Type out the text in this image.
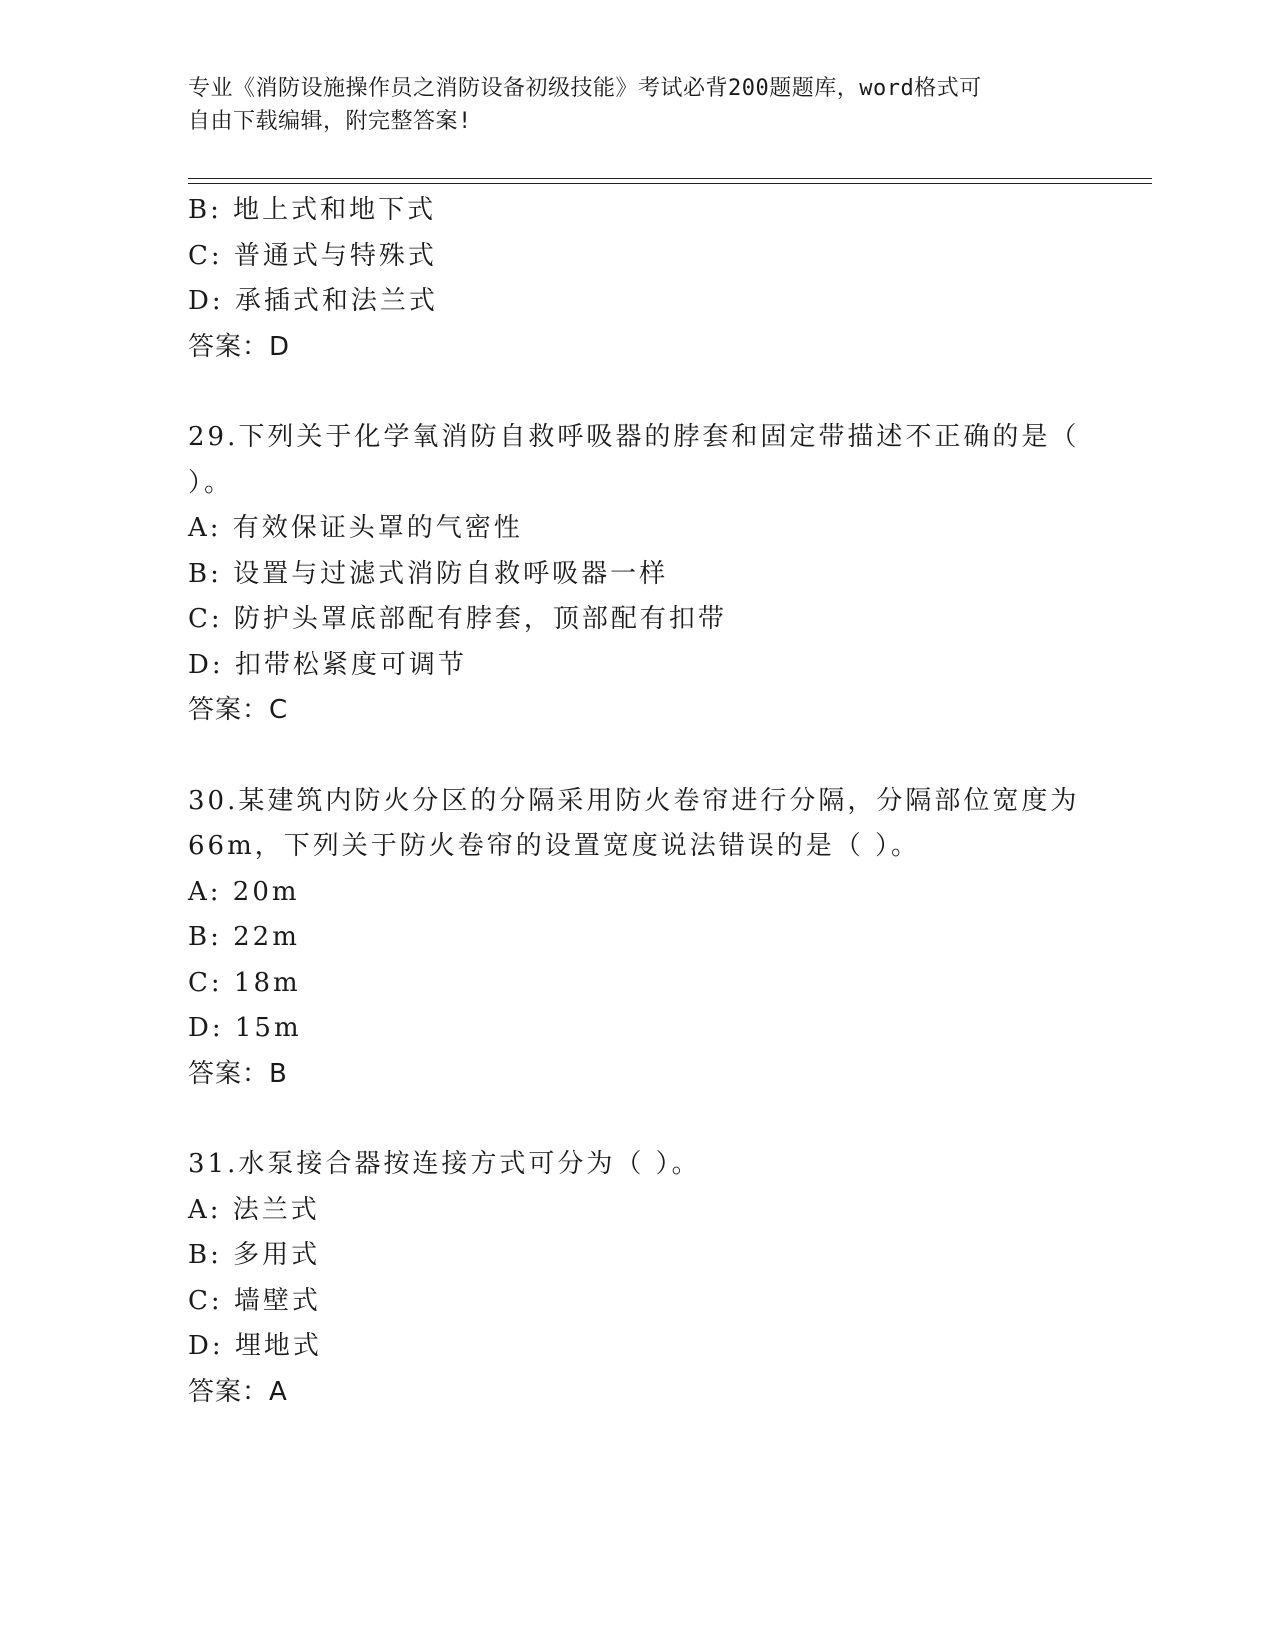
专业《消防设施操作员之消防设备初级技能》考试必背200题题库，word格式可
自由下载编辑，附完整答案!
B: 地上式和地下式
C: 普通式与特殊式
D: 承插式和法兰式
答案：D
29.下列关于化学氧消防自救呼吸器的脖套和固定带描述不正确的是（
）。
A: 有效保证头罩的气密性
B: 设置与过滤式消防自救呼吸器一样
C: 防护头罩底部配有脖套，顶部配有扣带
D: 扣带松紧度可调节
答案：C
30.某建筑内防火分区的分隔采用防火卷帘进行分隔，分隔部位宽度为
66m，下列关于防火卷帘的设置宽度说法错误的是（ ）。
A: 20m
B: 22m
C: 18m
D: 15m
答案：B
31.水泵接合器按连接方式可分为（ ）。
A: 法兰式
B: 多用式
C: 墙壁式
D: 埋地式
答案：A
